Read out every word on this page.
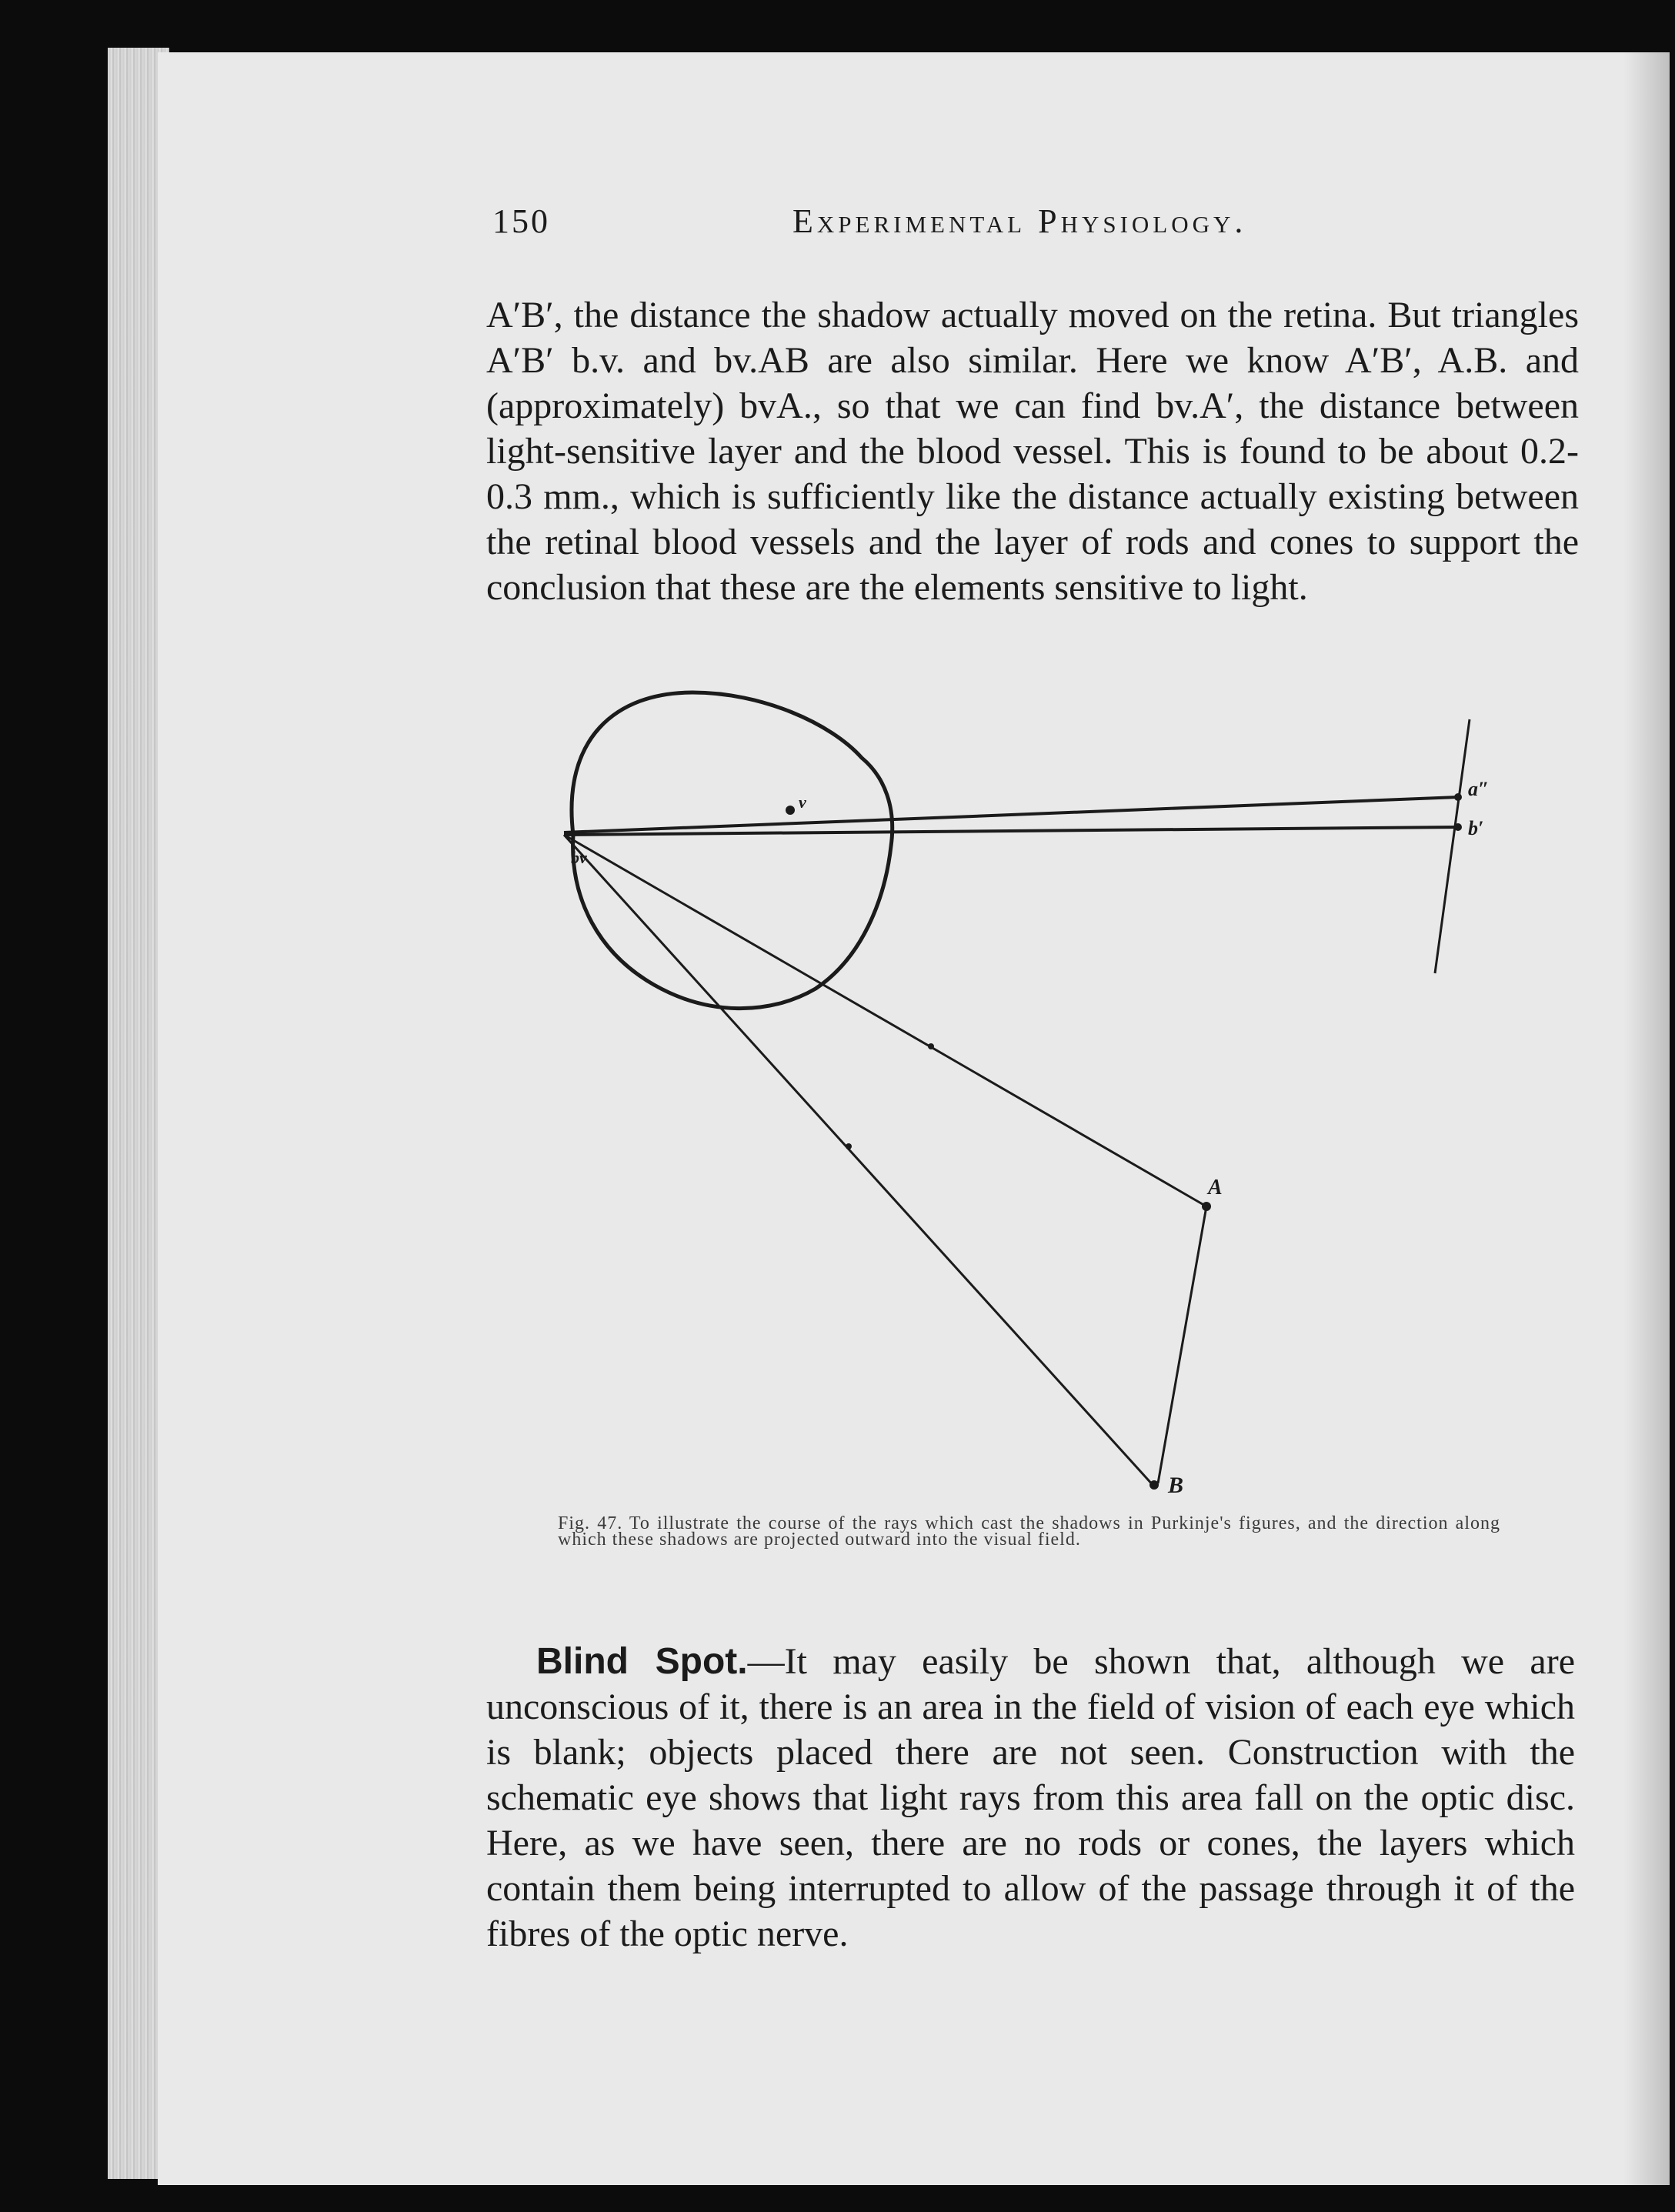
150	Experimental Physiology.

A′B′, the distance the shadow actually moved on the retina. But triangles A′B′ b.v. and bv.AB are also similar. Here we know A′B′, A.B. and (approximately) bvA., so that we can find bv.A′, the distance between light-sensitive layer and the blood vessel. This is found to be about 0.2-0.3 mm., which is sufficiently like the distance actually existing between the retinal blood vessels and the layer of rods and cones to support the conclusion that these are the elements sensitive to light.

a″
b′
v
bv
A
B
Fig. 47. To illustrate the course of the rays which cast the shadows in Purkinje's figures, and the direction along which these shadows are projected outward into the visual field.

Blind Spot.—It may easily be shown that, although we are unconscious of it, there is an area in the field of vision of each eye which is blank; objects placed there are not seen. Construction with the schematic eye shows that light rays from this area fall on the optic disc. Here, as we have seen, there are no rods or cones, the layers which contain them being interrupted to allow of the passage through it of the fibres of the optic nerve.
